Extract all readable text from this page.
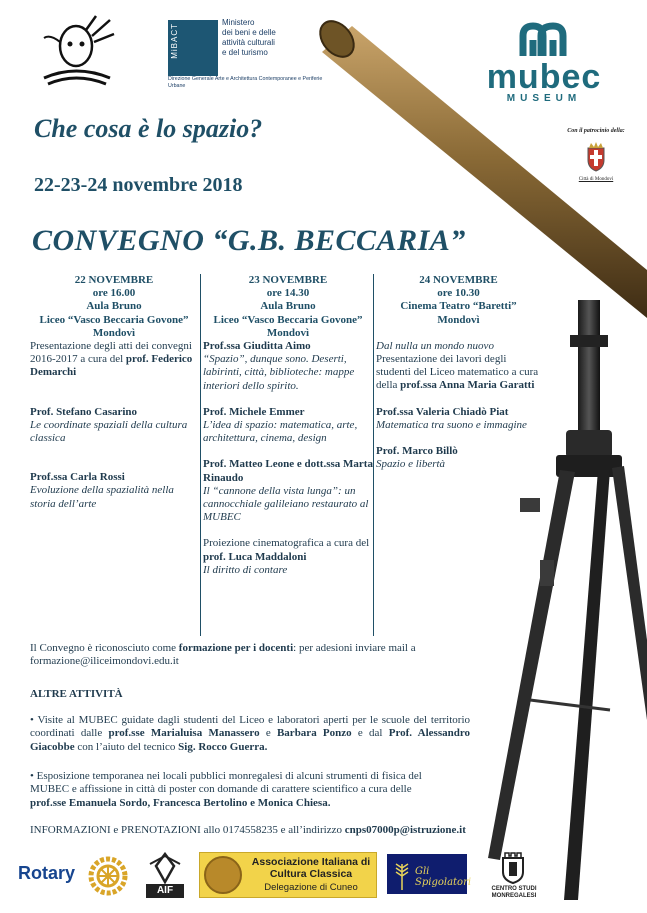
MiBACT
Ministero
dei beni e delle
attività culturali
e del turismo
Direzione Generale Arte e Architettura Contemporanee e Periferie Urbane	mubec
MUSEUM
Con il patrocinio della:
Città di Mondovì
Che cosa è lo spazio?
22-23-24 novembre 2018
CONVEGNO “G.B. BECCARIA”
22 NOVEMBRE
ore 16.00
Aula Bruno
Liceo “Vasco Beccaria Govone”
Mondovì

Presentazione degli atti dei convegni 2016-2017 a cura del prof. Federico Demarchi

Prof. Stefano Casarino

Le coordinate spaziali della cultura classica

Prof.ssa Carla Rossi

Evoluzione della spazialità nella storia dell’arte

23 NOVEMBRE
ore 14.30
Aula Bruno
Liceo “Vasco Beccaria Govone”
Mondovì

Prof.ssa Giuditta Aimo

“Spazio”, dunque sono. Deserti, labirinti, città, biblioteche: mappe interiori dello spirito.

Prof. Michele Emmer

L’idea di spazio: matematica, arte, architettura, cinema, design

Prof. Matteo Leone e dott.ssa Marta Rinaudo

Il “cannone della vista lunga”: un cannocchiale galileiano restaurato al MUBEC

Proiezione cinematografica a cura del prof. Luca Maddaloni

Il diritto di contare

24 NOVEMBRE
ore 10.30
Cinema Teatro “Baretti”
Mondovì

Dal nulla un mondo nuovo

Presentazione dei lavori degli studenti del Liceo matematico a cura della prof.ssa Anna Maria Garatti

Prof.ssa Valeria Chiadò Piat

Matematica tra suono e immagine

Prof. Marco Billò

Spazio e libertà

Il Convegno è riconosciuto come formazione per i docenti: per adesioni inviare mail a
formazione@iliceimondovi.edu.it
ALTRE ATTIVITÀ
• Visite al MUBEC guidate dagli studenti del Liceo e laboratori aperti per le scuole del territorio coordinati dalle prof.sse Marialuisa Manassero e Barbara Ponzo e dal Prof. Alessandro Giacobbe con l’aiuto del tecnico Sig. Rocco Guerra.
• Esposizione temporanea nei locali pubblici monregalesi di alcuni strumenti di fisica del MUBEC e affissione in città di poster con domande di carattere scientifico a cura delle prof.sse Emanuela Sordo, Francesca Bertolino e Monica Chiesa.
INFORMAZIONI e PRENOTAZIONI allo 0174558235 e all’indirizzo cnps07000p@istruzione.it
Rotary
AIF
Associazione Italiana di Cultura Classica
Delegazione di Cuneo
Gli Spigolatori
CENTRO STUDI MONREGALESI
